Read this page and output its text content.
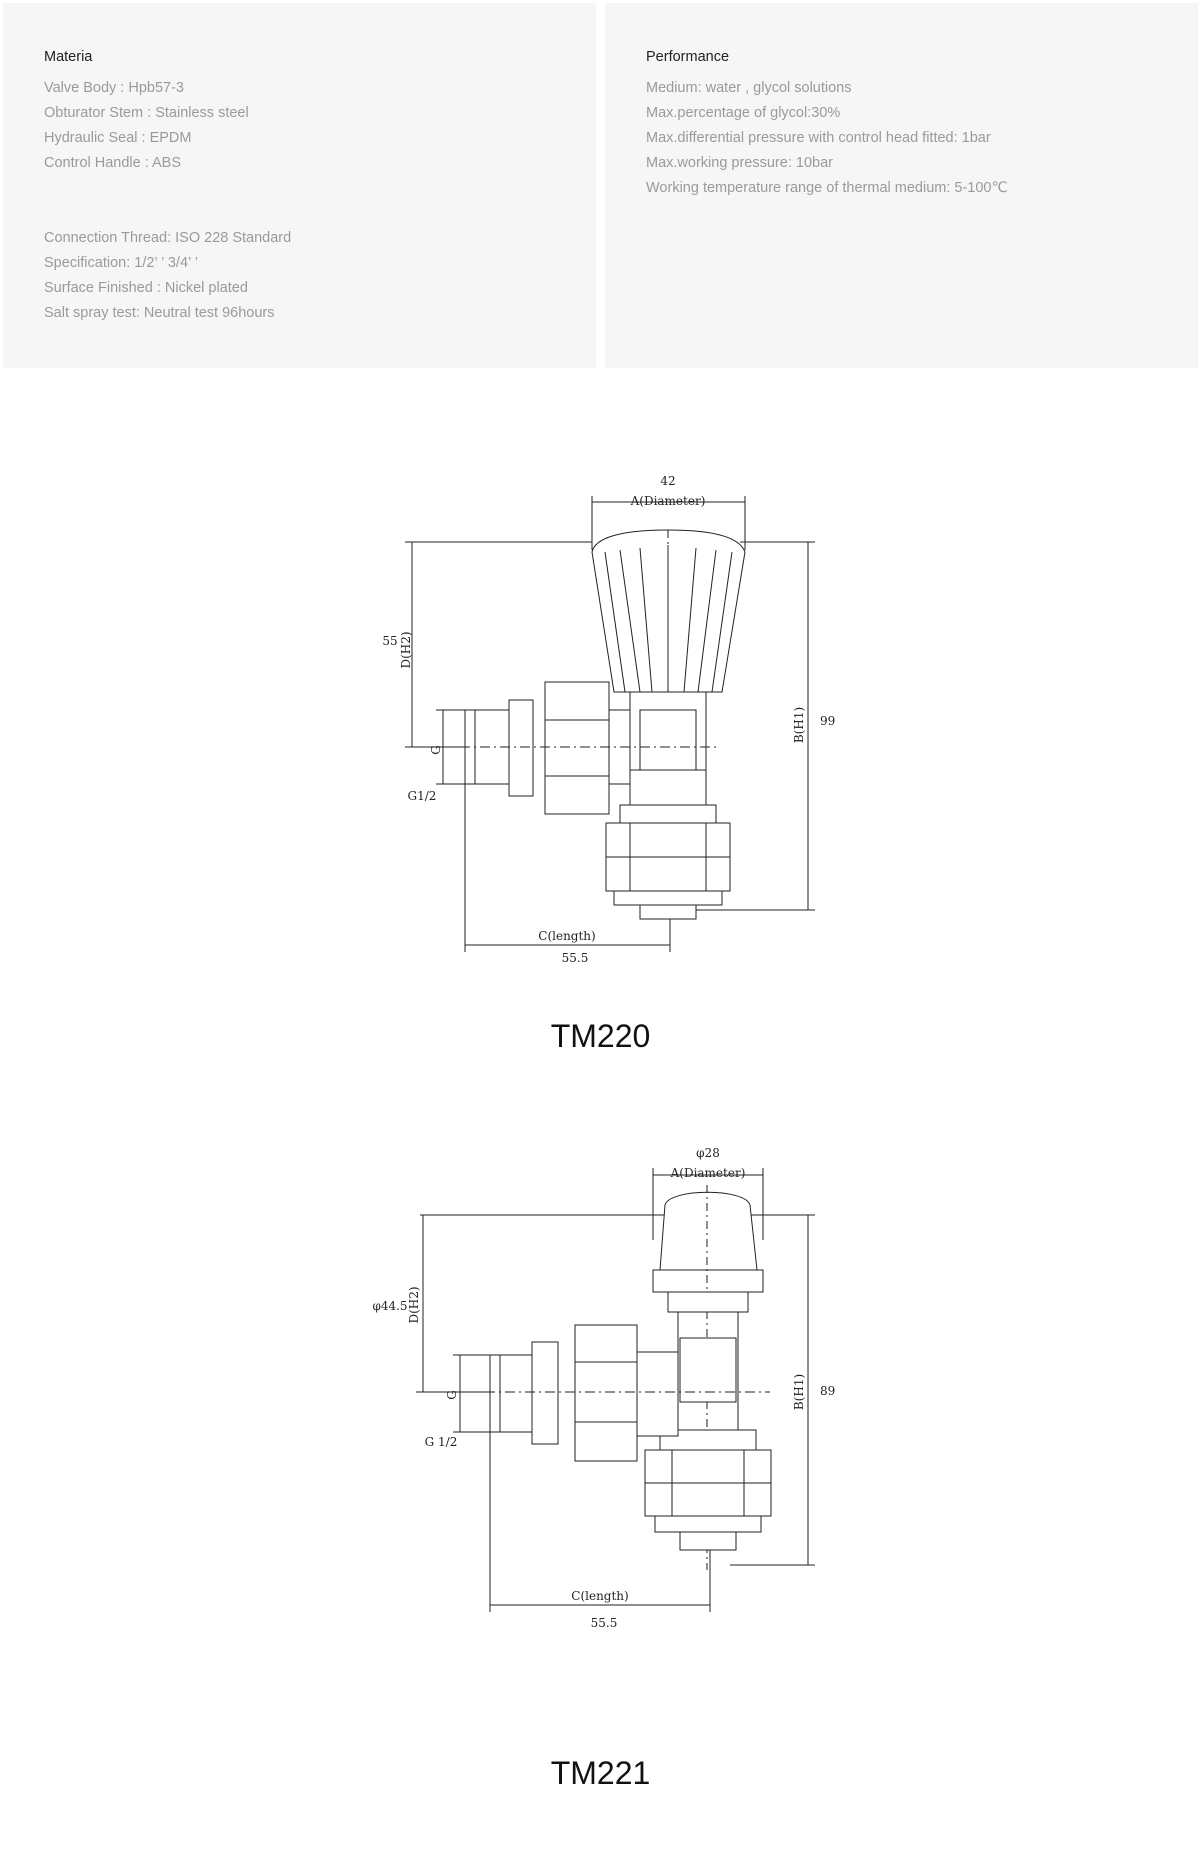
Materia
Valve Body : Hpb57-3
Obturator Stem : Stainless steel
Hydraulic Seal : EPDM
Control Handle : ABS
Connection Thread: ISO 228 Standard
Specification: 1/2’ ’ 3/4’ ’
Surface Finished : Nickel plated
Salt spray test: Neutral test 96hours
Performance
Medium: water , glycol solutions
Max.percentage of glycol:30%
Max.differential pressure with control head fitted: 1bar
Max.working pressure: 10bar
Working temperature range of thermal medium: 5-100℃
42
A(Diameter)
55 D(H2)
G
G1/2
B(H1) 99
C(length)
55.5
TM220
φ28
A(Diameter)
φ44.5 D(H2)
G
G 1/2
B(H1) 89
C(length)
55.5
TM221
